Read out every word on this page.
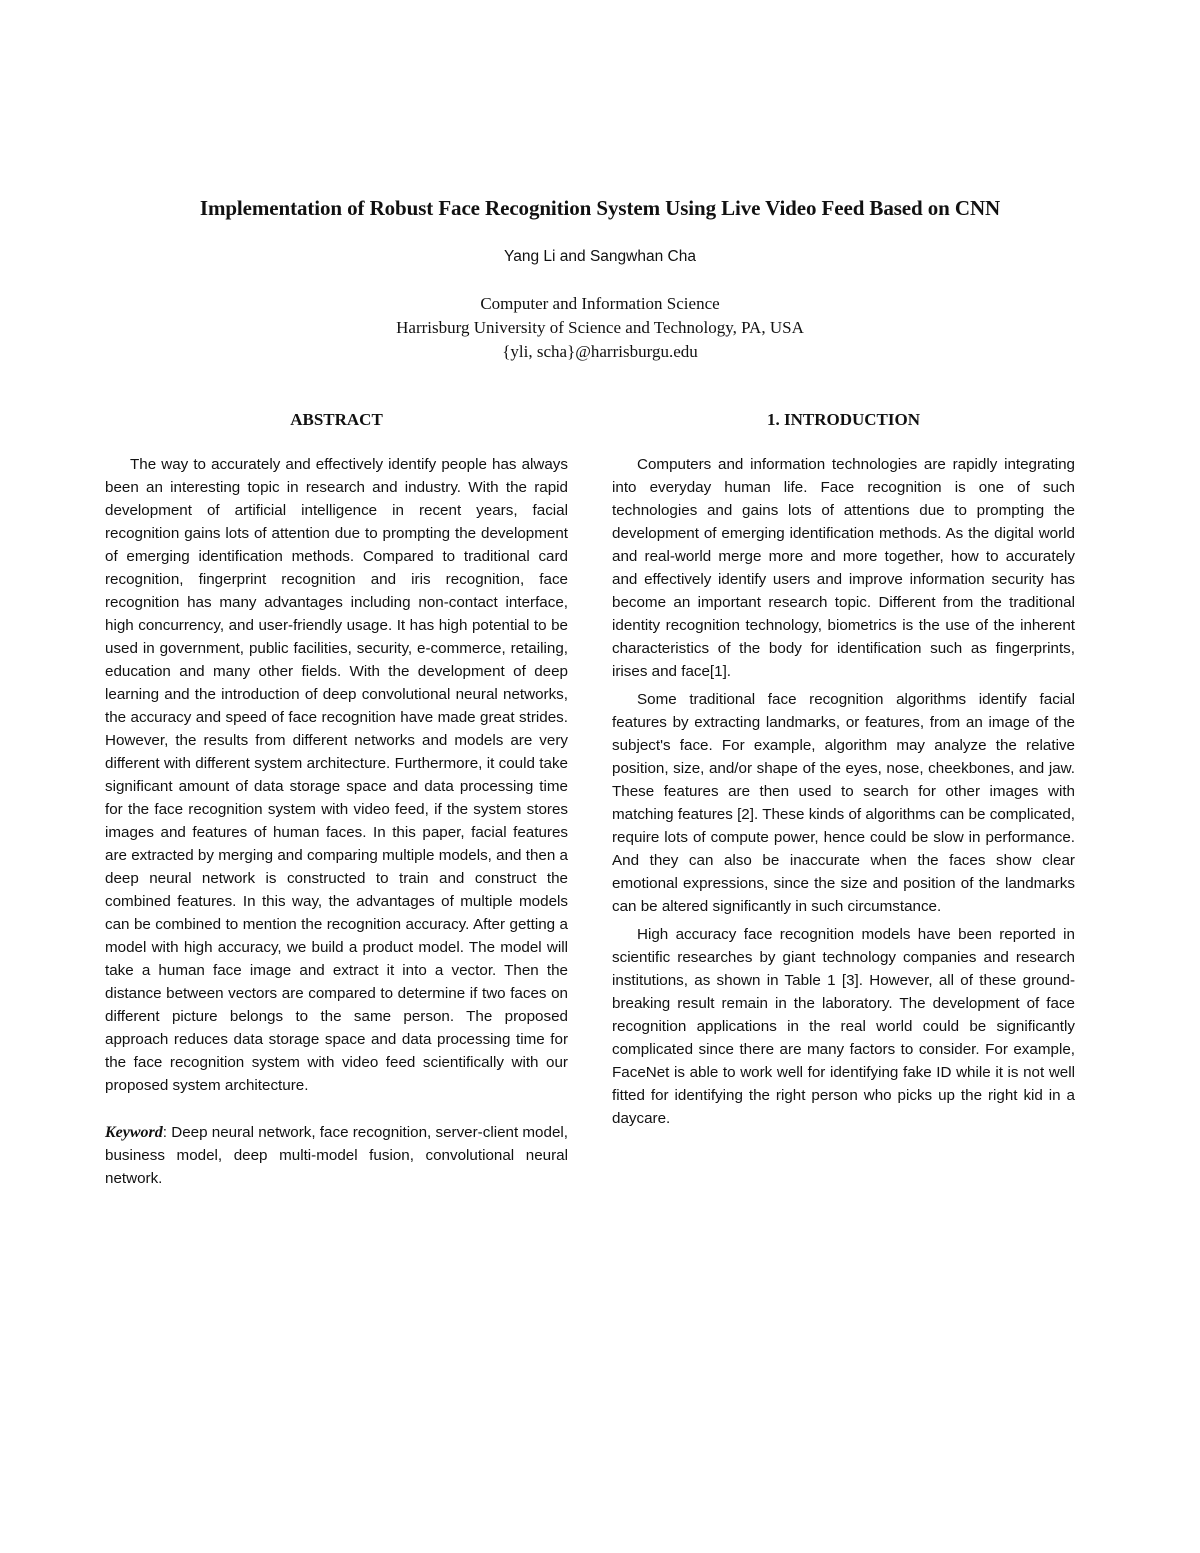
Implementation of Robust Face Recognition System Using Live Video Feed Based on CNN
Yang Li and Sangwhan Cha
Computer and Information Science
Harrisburg University of Science and Technology, PA, USA
{yli, scha}@harrisburgu.edu
ABSTRACT

The way to accurately and effectively identify people has always been an interesting topic in research and industry. With the rapid development of artificial intelligence in recent years, facial recognition gains lots of attention due to prompting the development of emerging identification methods. Compared to traditional card recognition, fingerprint recognition and iris recognition, face recognition has many advantages including non-contact interface, high concurrency, and user-friendly usage. It has high potential to be used in government, public facilities, security, e-commerce, retailing, education and many other fields. With the development of deep learning and the introduction of deep convolutional neural networks, the accuracy and speed of face recognition have made great strides. However, the results from different networks and models are very different with different system architecture. Furthermore, it could take significant amount of data storage space and data processing time for the face recognition system with video feed, if the system stores images and features of human faces. In this paper, facial features are extracted by merging and comparing multiple models, and then a deep neural network is constructed to train and construct the combined features. In this way, the advantages of multiple models can be combined to mention the recognition accuracy. After getting a model with high accuracy, we build a product model. The model will take a human face image and extract it into a vector. Then the distance between vectors are compared to determine if two faces on different picture belongs to the same person. The proposed approach reduces data storage space and data processing time for the face recognition system with video feed scientifically with our proposed system architecture.

Keyword: Deep neural network, face recognition, server-client model, business model, deep multi-model fusion, convolutional neural network.

1. INTRODUCTION

Computers and information technologies are rapidly integrating into everyday human life. Face recognition is one of such technologies and gains lots of attentions due to prompting the development of emerging identification methods. As the digital world and real-world merge more and more together, how to accurately and effectively identify users and improve information security has become an important research topic. Different from the traditional identity recognition technology, biometrics is the use of the inherent characteristics of the body for identification such as fingerprints, irises and face[1].

Some traditional face recognition algorithms identify facial features by extracting landmarks, or features, from an image of the subject's face. For example, algorithm may analyze the relative position, size, and/or shape of the eyes, nose, cheekbones, and jaw. These features are then used to search for other images with matching features [2]. These kinds of algorithms can be complicated, require lots of compute power, hence could be slow in performance. And they can also be inaccurate when the faces show clear emotional expressions, since the size and position of the landmarks can be altered significantly in such circumstance.

High accuracy face recognition models have been reported in scientific researches by giant technology companies and research institutions, as shown in Table 1 [3]. However, all of these ground-breaking result remain in the laboratory. The development of face recognition applications in the real world could be significantly complicated since there are many factors to consider. For example, FaceNet is able to work well for identifying fake ID while it is not well fitted for identifying the right person who picks up the right kid in a daycare.
